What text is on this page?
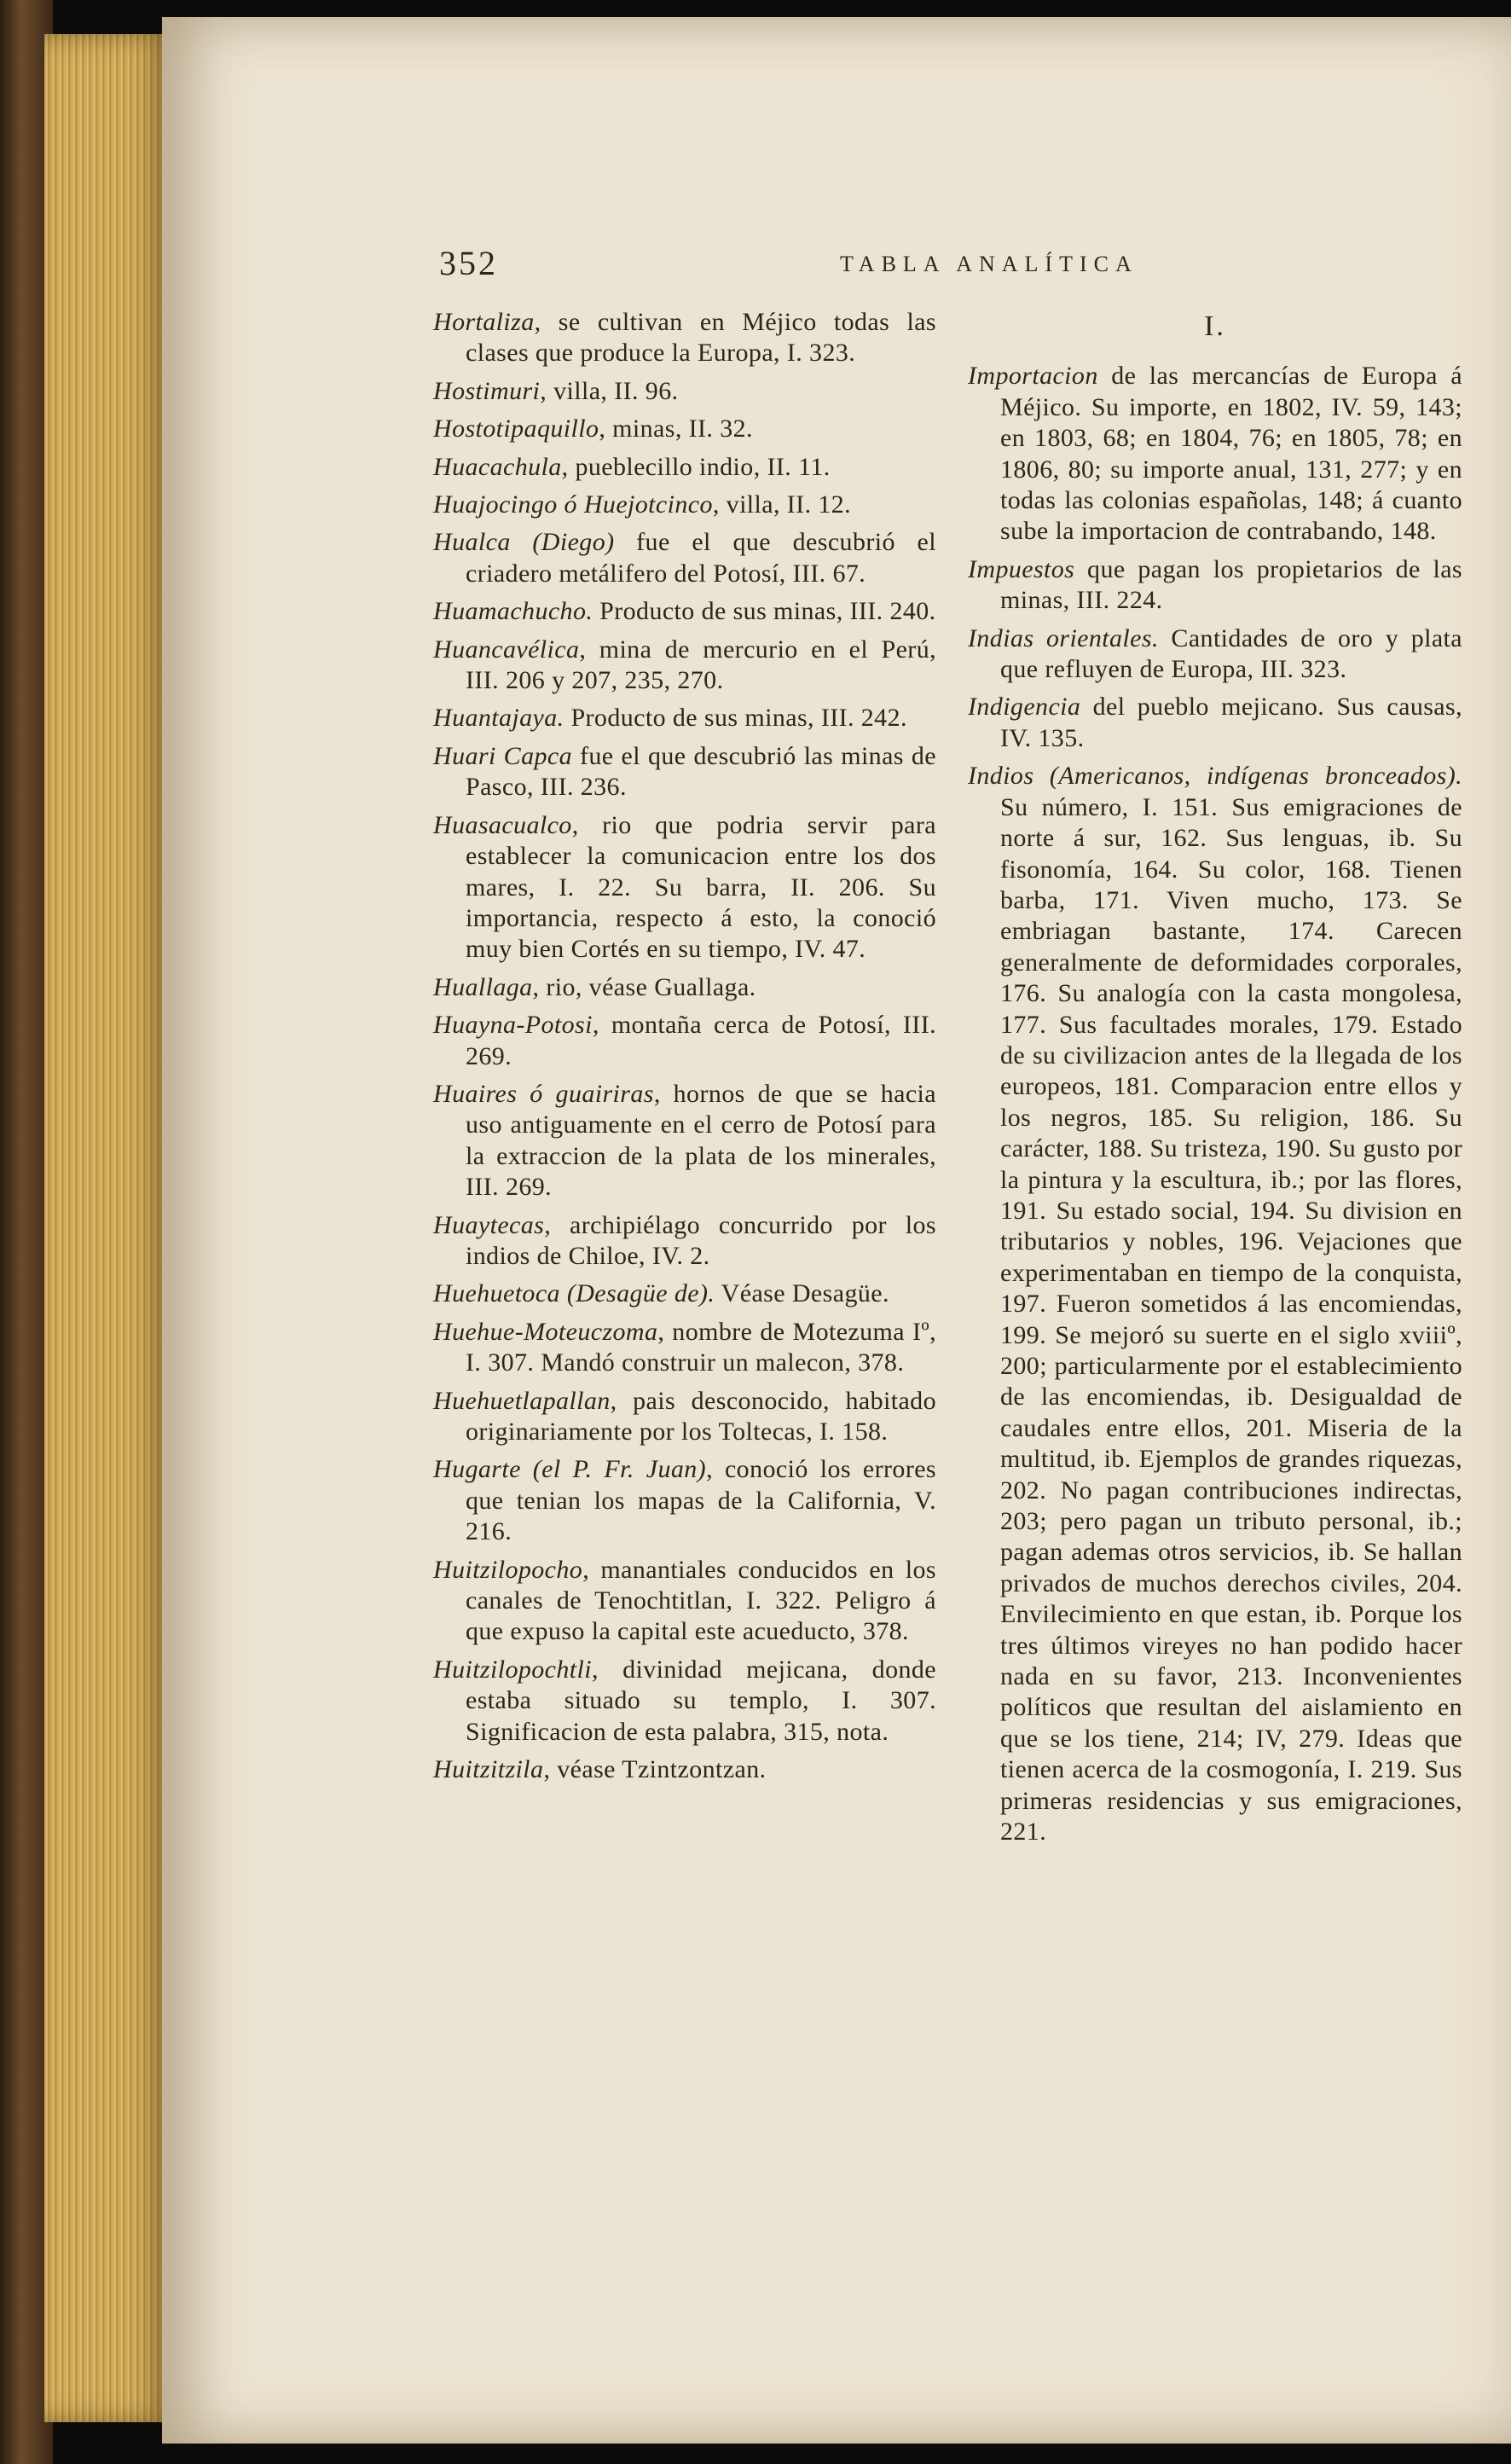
352	TABLA ANALÍTICA
Hortaliza, se cultivan en Méjico todas las clases que produce la Europa, I. 323.
Hostimuri, villa, II. 96.
Hostotipaquillo, minas, II. 32.
Huacachula, pueblecillo indio, II. 11.
Huajocingo ó Huejotcinco, villa, II. 12.
Hualca (Diego) fue el que descubrió el criadero metálifero del Potosí, III. 67.
Huamachucho. Producto de sus minas, III. 240.
Huancavélica, mina de mercurio en el Perú, III. 206 y 207, 235, 270.
Huantajaya. Producto de sus minas, III. 242.
Huari Capca fue el que descubrió las minas de Pasco, III. 236.
Huasacualco, rio que podria servir para establecer la comunicacion entre los dos mares, I. 22. Su barra, II. 206. Su importancia, respecto á esto, la conoció muy bien Cortés en su tiempo, IV. 47.
Huallaga, rio, véase Guallaga.
Huayna-Potosi, montaña cerca de Potosí, III. 269.
Huaires ó guairiras, hornos de que se hacia uso antiguamente en el cerro de Potosí para la extraccion de la plata de los minerales, III. 269.
Huaytecas, archipiélago concurrido por los indios de Chiloe, IV. 2.
Huehuetoca (Desagüe de). Véase Desagüe.
Huehue-Moteuczoma, nombre de Motezuma Iº, I. 307. Mandó construir un malecon, 378.
Huehuetlapallan, pais desconocido, habitado originariamente por los Toltecas, I. 158.
Hugarte (el P. Fr. Juan), conoció los errores que tenian los mapas de la California, V. 216.
Huitzilopocho, manantiales conducidos en los canales de Tenochtitlan, I. 322. Peligro á que expuso la capital este acueducto, 378.
Huitzilopochtli, divinidad mejicana, donde estaba situado su templo, I. 307. Significacion de esta palabra, 315, nota.
Huitzitzila, véase Tzintzontzan.
I.
Importacion de las mercancías de Europa á Méjico. Su importe, en 1802, IV. 59, 143; en 1803, 68; en 1804, 76; en 1805, 78; en 1806, 80; su importe anual, 131, 277; y en todas las colonias españolas, 148; á cuanto sube la importacion de contrabando, 148.
Impuestos que pagan los propietarios de las minas, III. 224.
Indias orientales. Cantidades de oro y plata que refluyen de Europa, III. 323.
Indigencia del pueblo mejicano. Sus causas, IV. 135.
Indios (Americanos, indígenas bronceados). Su número, I. 151. Sus emigraciones de norte á sur, 162. Sus lenguas, ib. Su fisonomía, 164. Su color, 168. Tienen barba, 171. Viven mucho, 173. Se embriagan bastante, 174. Carecen generalmente de deformidades corporales, 176. Su analogía con la casta mongolesa, 177. Sus facultades morales, 179. Estado de su civilizacion antes de la llegada de los europeos, 181. Comparacion entre ellos y los negros, 185. Su religion, 186. Su carácter, 188. Su tristeza, 190. Su gusto por la pintura y la escultura, ib.; por las flores, 191. Su estado social, 194. Su division en tributarios y nobles, 196. Vejaciones que experimentaban en tiempo de la conquista, 197. Fueron sometidos á las encomiendas, 199. Se mejoró su suerte en el siglo xviiiº, 200; particularmente por el establecimiento de las encomiendas, ib. Desigualdad de caudales entre ellos, 201. Miseria de la multitud, ib. Ejemplos de grandes riquezas, 202. No pagan contribuciones indirectas, 203; pero pagan un tributo personal, ib.; pagan ademas otros servicios, ib. Se hallan privados de muchos derechos civiles, 204. Envilecimiento en que estan, ib. Porque los tres últimos vireyes no han podido hacer nada en su favor, 213. Inconvenientes políticos que resultan del aislamiento en que se los tiene, 214; IV, 279. Ideas que tienen acerca de la cosmogonía, I. 219. Sus primeras residencias y sus emigraciones, 221.
